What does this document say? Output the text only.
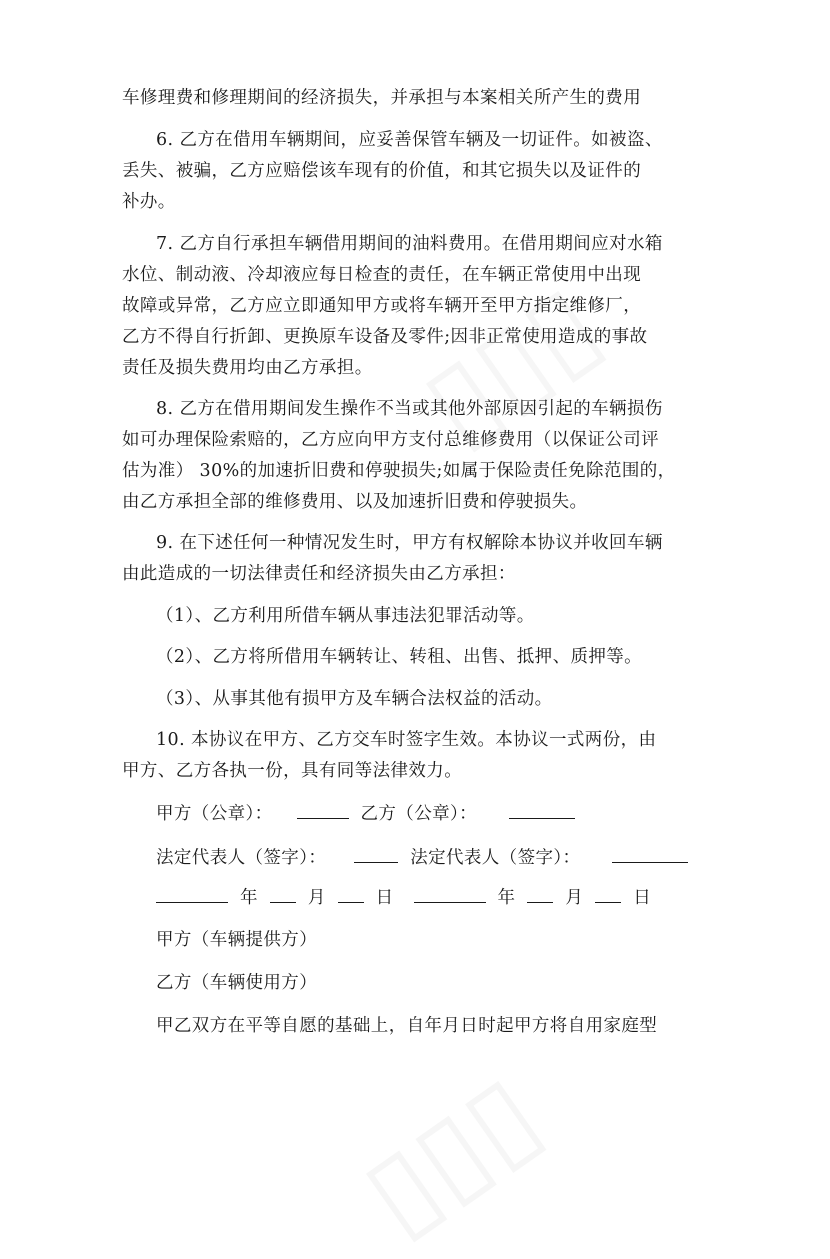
车修理费和修理期间的经济损失，并承担与本案相关所产生的费用
6. 乙方在借用车辆期间，应妥善保管车辆及一切证件。如被盗、
丢失、被骗，乙方应赔偿该车现有的价值，和其它损失以及证件的
补办。
7. 乙方自行承担车辆借用期间的油料费用。在借用期间应对水箱
水位、制动液、冷却液应每日检查的责任，在车辆正常使用中出现
故障或异常，乙方应立即通知甲方或将车辆开至甲方指定维修厂，
乙方不得自行折卸、更换原车设备及零件;因非正常使用造成的事故
责任及损失费用均由乙方承担。
8. 乙方在借用期间发生操作不当或其他外部原因引起的车辆损伤
如可办理保险索赔的，乙方应向甲方支付总维修费用（以保证公司评
估为准） 30%的加速折旧费和停驶损失;如属于保险责任免除范围的，
由乙方承担全部的维修费用、以及加速折旧费和停驶损失。
9. 在下述任何一种情况发生时，甲方有权解除本协议并收回车辆
由此造成的一切法律责任和经济损失由乙方承担：
（1）、乙方利用所借车辆从事违法犯罪活动等。
（2）、乙方将所借用车辆转让、转租、出售、抵押、质押等。
（3）、从事其他有损甲方及车辆合法权益的活动。
10. 本协议在甲方、乙方交车时签字生效。本协议一式两份，由
甲方、乙方各执一份，具有同等法律效力。
甲方（公章）：	乙方（公章）：
法定代表人（签字）：	法定代表人（签字）：
年	月	日	年	月	日
甲方（车辆提供方）
乙方（车辆使用方）
甲乙双方在平等自愿的基础上，自年月日时起甲方将自用家庭型
